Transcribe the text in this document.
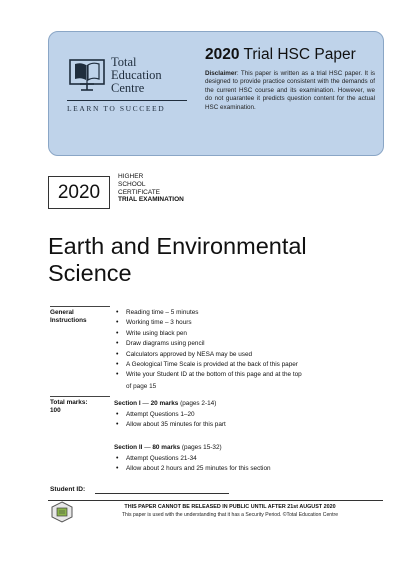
Total
Education
Centre
LEARN TO SUCCEED
2020 Trial HSC Paper
Disclaimer: This paper is written as a trial HSC paper. It is designed to provide practice consistent with the demands of the current HSC course and its examination. However, we do not guarantee it predicts question content for the actual HSC examination.
2020
HIGHER
SCHOOL
CERTIFICATE
TRIAL EXAMINATION
Earth and Environmental
Science
General
Instructions
• Reading time – 5 minutes
• Working time – 3 hours
• Write using black pen
• Draw diagrams using pencil
• Calculators approved by NESA may be used
• A Geological Time Scale is provided at the back of this paper
• Write your Student ID at the bottom of this page and at the top
of page 15
Total marks:
100
Section I — 20 marks (pages 2-14)
• Attempt Questions 1–20
• Allow about 35 minutes for this part
Section II — 80 marks (pages 15-32)
• Attempt Questions 21-34
• Allow about 2 hours and 25 minutes for this section
Student ID:
THIS PAPER CANNOT BE RELEASED IN PUBLIC UNTIL AFTER 21st AUGUST 2020
This paper is used with the understanding that it has a Security Period. ©Total Education Centre
